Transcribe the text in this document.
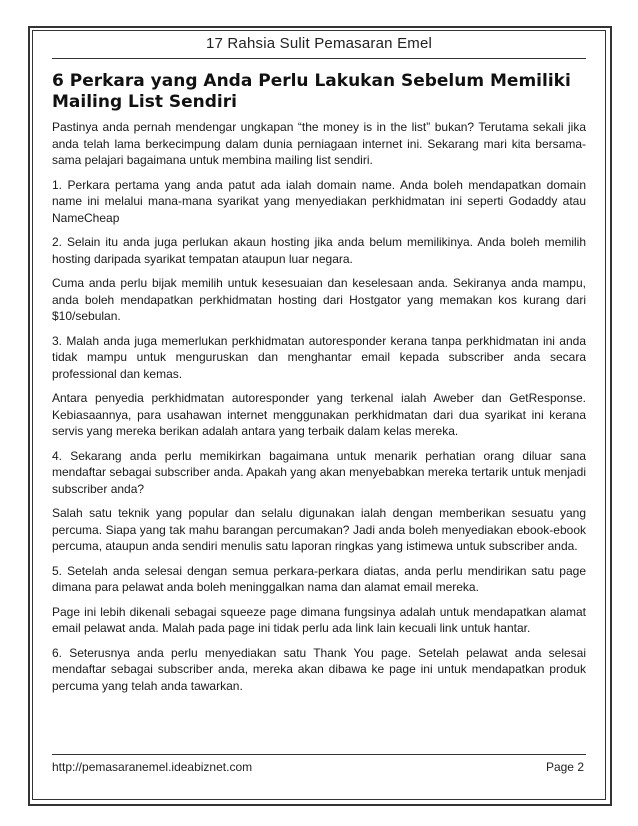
17 Rahsia Sulit Pemasaran Emel
6 Perkara yang Anda Perlu Lakukan Sebelum Memiliki Mailing List Sendiri

Pastinya anda pernah mendengar ungkapan “the money is in the list” bukan? Terutama sekali jika anda telah lama berkecimpung dalam dunia perniagaan internet ini. Sekarang mari kita bersama-sama pelajari bagaimana untuk membina mailing list sendiri.

1. Perkara pertama yang anda patut ada ialah domain name. Anda boleh mendapatkan domain name ini melalui mana-mana syarikat yang menyediakan perkhidmatan ini seperti Godaddy atau NameCheap

2. Selain itu anda juga perlukan akaun hosting jika anda belum memilikinya. Anda boleh memilih hosting daripada syarikat tempatan ataupun luar negara.

Cuma anda perlu bijak memilih untuk kesesuaian dan keselesaan anda. Sekiranya anda mampu, anda boleh mendapatkan perkhidmatan hosting dari Hostgator yang memakan kos kurang dari $10/sebulan.

3. Malah anda juga memerlukan perkhidmatan autoresponder kerana tanpa perkhidmatan ini anda tidak mampu untuk menguruskan dan menghantar email kepada subscriber anda secara professional dan kemas.

Antara penyedia perkhidmatan autoresponder yang terkenal ialah Aweber dan GetResponse. Kebiasaannya, para usahawan internet menggunakan perkhidmatan dari dua syarikat ini kerana servis yang mereka berikan adalah antara yang terbaik dalam kelas mereka.

4. Sekarang anda perlu memikirkan bagaimana untuk menarik perhatian orang diluar sana mendaftar sebagai subscriber anda. Apakah yang akan menyebabkan mereka tertarik untuk menjadi subscriber anda?

Salah satu teknik yang popular dan selalu digunakan ialah dengan memberikan sesuatu yang percuma. Siapa yang tak mahu barangan percumakan? Jadi anda boleh menyediakan ebook-ebook percuma, ataupun anda sendiri menulis satu laporan ringkas yang istimewa untuk subscriber anda.

5. Setelah anda selesai dengan semua perkara-perkara diatas, anda perlu mendirikan satu page dimana para pelawat anda boleh meninggalkan nama dan alamat email mereka.

Page ini lebih dikenali sebagai squeeze page dimana fungsinya adalah untuk mendapatkan alamat email pelawat anda. Malah pada page ini tidak perlu ada link lain kecuali link untuk hantar.

6. Seterusnya anda perlu menyediakan satu Thank You page. Setelah pelawat anda selesai mendaftar sebagai subscriber anda, mereka akan dibawa ke page ini untuk mendapatkan produk percuma yang telah anda tawarkan.

http://pemasaranemel.ideabiznet.com	Page 2
